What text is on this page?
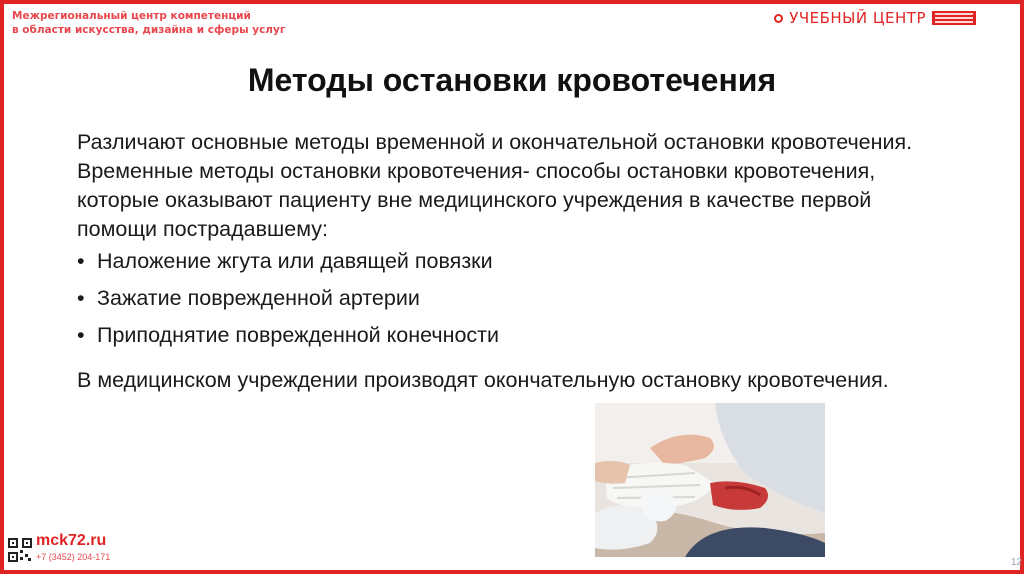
Межрегиональный центр компетенций
в области искусства, дизайна и сферы услуг
УЧЕБНЫЙ ЦЕНТР
Методы остановки кровотечения
Различают основные методы временной и окончательной остановки кровотечения. Временные методы остановки кровотечения- способы остановки кровотечения, которые оказывают пациенту вне медицинского учреждения в качестве первой помощи пострадавшему:
• Наложение жгута или давящей повязки
• Зажатие поврежденной артерии
• Приподнятие поврежденной конечности
В медицинском учреждении производят окончательную остановку кровотечения.
mck72.ru
+7 (3452) 204-171	12
